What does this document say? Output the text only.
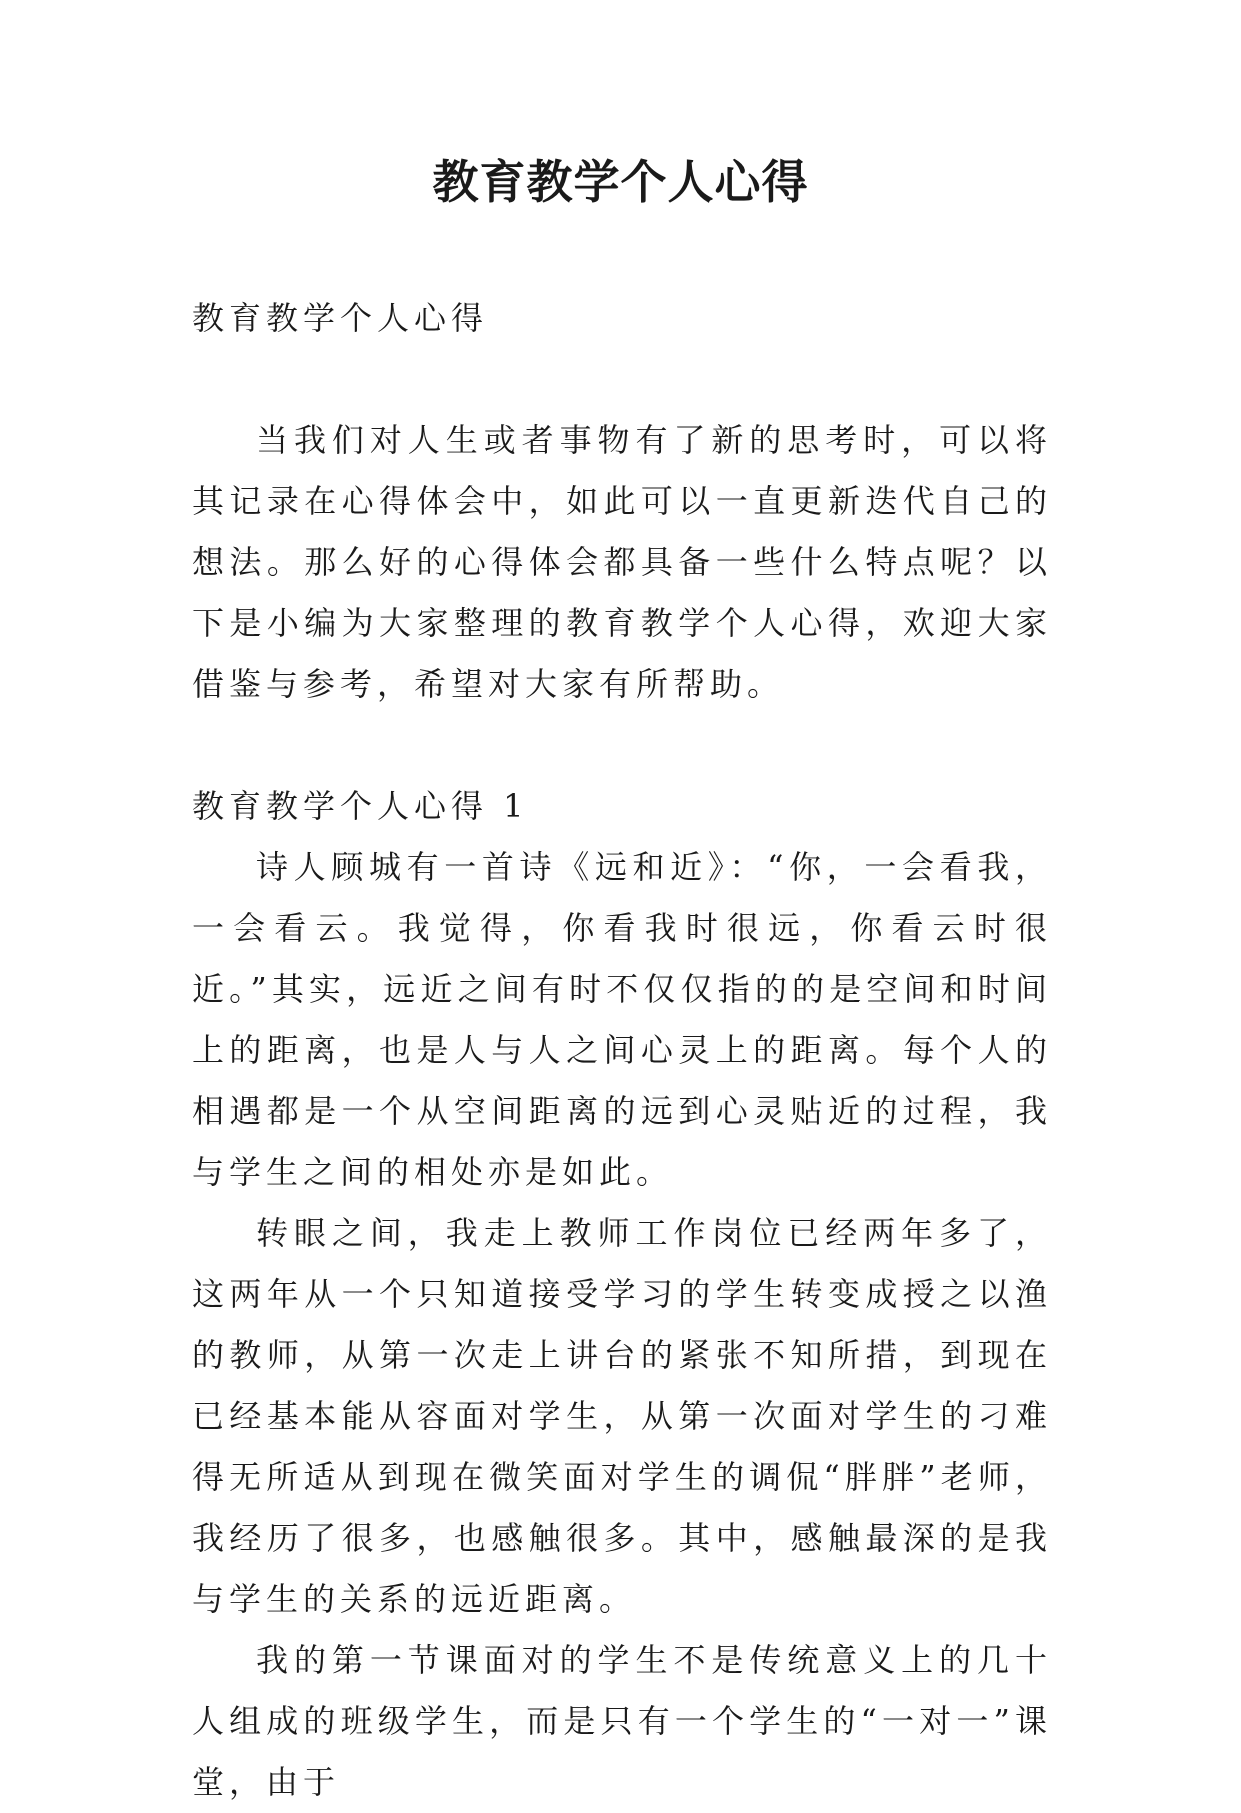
教育教学个人心得

教育教学个人心得

当我们对人生或者事物有了新的思考时，可以将其记录在心得体会中，如此可以一直更新迭代自己的想法。那么好的心得体会都具备一些什么特点呢？以下是小编为大家整理的教育教学个人心得，欢迎大家借鉴与参考，希望对大家有所帮助。

教育教学个人心得 1

诗人顾城有一首诗《远和近》：“你，一会看我，一会看云。我觉得，你看我时很远，你看云时很近。”其实，远近之间有时不仅仅指的的是空间和时间上的距离，也是人与人之间心灵上的距离。每个人的相遇都是一个从空间距离的远到心灵贴近的过程，我与学生之间的相处亦是如此。

转眼之间，我走上教师工作岗位已经两年多了，这两年从一个只知道接受学习的学生转变成授之以渔的教师，从第一次走上讲台的紧张不知所措，到现在已经基本能从容面对学生，从第一次面对学生的刁难得无所适从到现在微笑面对学生的调侃“胖胖”老师，我经历了很多，也感触很多。其中，感触最深的是我与学生的关系的远近距离。

我的第一节课面对的学生不是传统意义上的几十人组成的班级学生，而是只有一个学生的“一对一”课堂，由于
